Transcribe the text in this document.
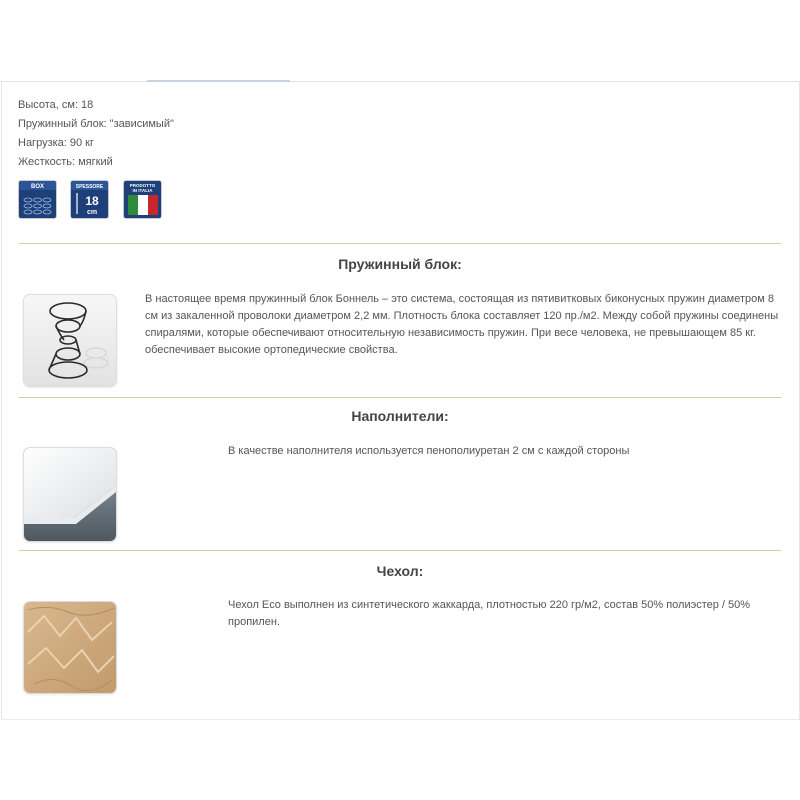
Высота, см: 18
Пружинный блок: "зависимый"
Нагрузка: 90 кг
Жесткость: мягкий
BOX	SPESSORE
18
cm
PRODOTTO
IN ITALIA
Пружинный блок:
В настоящее время пружинный блок Боннель – это система, состоящая из пятивитковых биконусных пружин диаметром 8 см из закаленной проволоки диаметром 2,2 мм. Плотность блока составляет 120 пр./м2. Между собой пружины соединены спиралями, которые обеспечивают относительную независимость пружин. При весе человека, не превышающем 85 кг. обеспечивает высокие ортопедические свойства.
Наполнители:
В качестве наполнителя используется пенополиуретан 2 см с каждой стороны
Чехол:
Чехол Eco выполнен из синтетического жаккарда, плотностью 220 гр/м2, состав 50% полиэстер / 50% пропилен.
